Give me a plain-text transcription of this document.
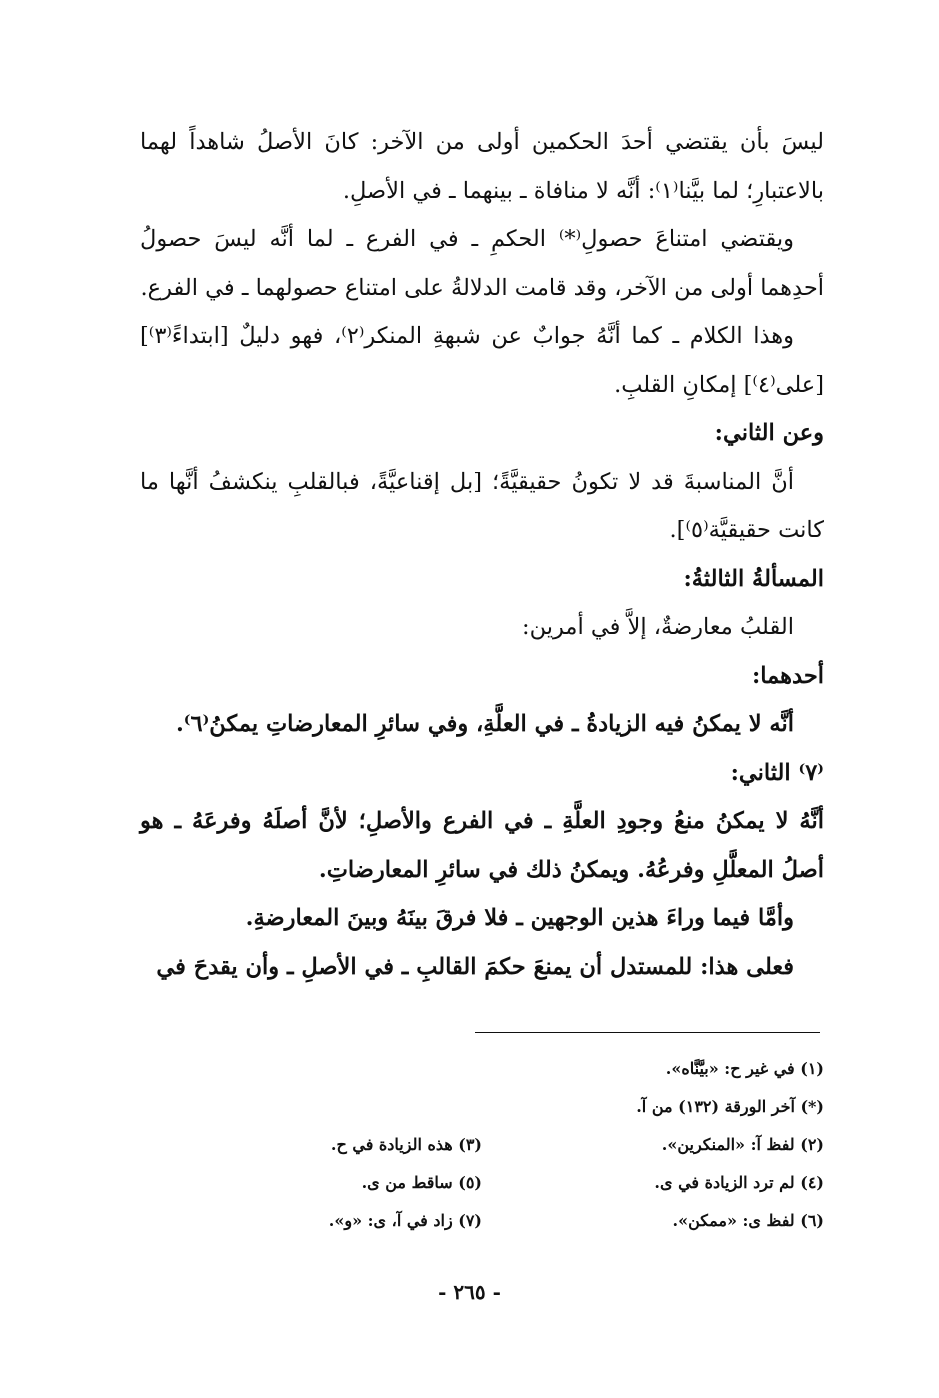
لیسَ بأن یقتضي أحدَ الحكمین أولى من الآخر: كانَ الأصلُ شاهداً لهما بالاعتبارِ؛ لما بیَّنا⁽١⁾: أنَّه لا منافاة ـ بینهما ـ في الأصلِ.

ویقتضي امتناعَ حصولِ⁽*⁾ الحكمِ ـ في الفرع ـ لما أنَّه لیسَ حصولُ أحدِهما أولى من الآخر، وقد قامت الدلالةُ على امتناع حصولهما ـ في الفرع.

وهذا الكلام ـ كما أنَّهُ جوابٌ عن شبهةِ المنكر⁽٢⁾، فهو دلیلٌ [ابتداءً⁽٣⁾] [على⁽٤⁾] إمكانِ القلبِ.

وعن الثاني:

أنَّ المناسبةَ قد لا تكونُ حقیقیَّةً؛ [بل إقناعیَّةً، فبالقلبِ ینكشفُ أنَّها ما كانت حقیقیَّة⁽٥⁾].

المسألةُ الثالثةُ:

القلبُ معارضةٌ، إلاَّ في أمرین:

أحدهما:

أنَّه لا یمكنُ فیه الزیادةُ ـ في العلَّةِ، وفي سائرِ المعارضاتِ یمكنُ⁽٦⁾.

⁽٧⁾ الثاني:

أنَّهُ لا یمكنُ منعُ وجودِ العلَّةِ ـ في الفرع والأصلِ؛ لأنَّ أصلَهُ وفرعَهُ ـ هو أصلُ المعلَّلِ وفرعُهُ. ویمكنُ ذلك في سائرِ المعارضاتِ.

وأمَّا فیما وراءَ هذین الوجهین ـ فلا فرقَ بینَهُ وبینَ المعارضةِ.

فعلى هذا: للمستدل أن یمنعَ حكمَ القالبِ ـ في الأصلِ ـ وأن یقدحَ في

(١) في غیر ح: «بیَّنَّاه».
(*) آخر الورقة (١٣٢) من آ.
(٢) لفظ آ: «المنكرین».
(٣) هذه الزیادة في ح.
(٤) لم ترد الزیادة في ى.
(٥) ساقط من ى.
(٦) لفظ ى: «ممكن».
(٧) زاد في آ، ى: «و».
- ٢٦٥ -
